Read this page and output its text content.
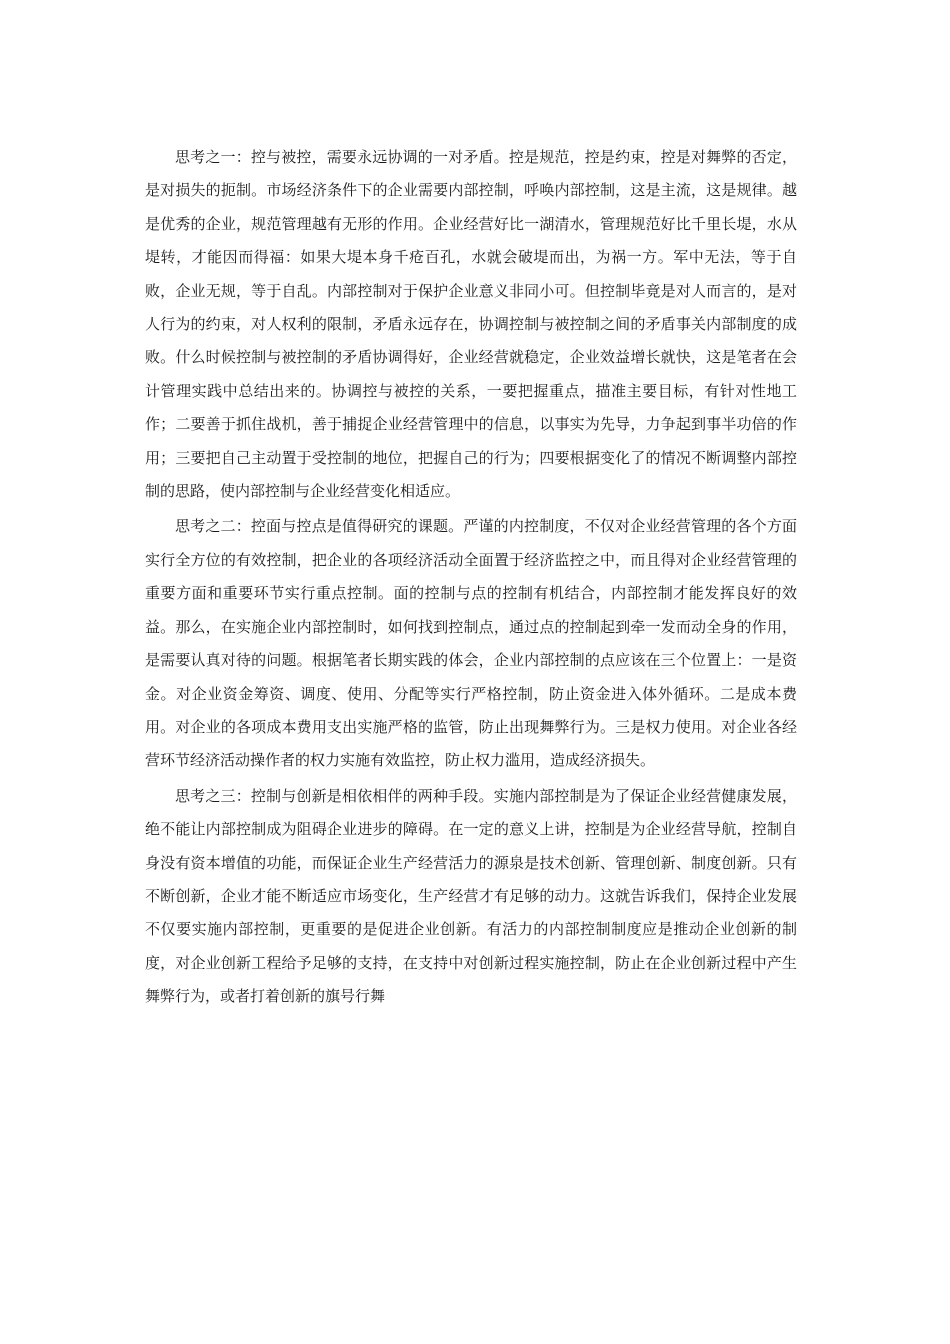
思考之一：控与被控，需要永远协调的一对矛盾。控是规范，控是约束，控是对舞弊的否定，是对损失的扼制。市场经济条件下的企业需要内部控制，呼唤内部控制，这是主流，这是规律。越是优秀的企业，规范管理越有无形的作用。企业经营好比一湖清水，管理规范好比千里长堤，水从堤转，才能因而得福：如果大堤本身千疮百孔，水就会破堤而出，为祸一方。军中无法，等于自败，企业无规，等于自乱。内部控制对于保护企业意义非同小可。但控制毕竟是对人而言的，是对人行为的约束，对人权利的限制，矛盾永远存在，协调控制与被控制之间的矛盾事关内部制度的成败。什么时候控制与被控制的矛盾协调得好，企业经营就稳定，企业效益增长就快，这是笔者在会计管理实践中总结出来的。协调控与被控的关系，一要把握重点，描准主要目标，有针对性地工作；二要善于抓住战机，善于捕捉企业经营管理中的信息，以事实为先导，力争起到事半功倍的作用；三要把自己主动置于受控制的地位，把握自己的行为；四要根据变化了的情况不断调整内部控制的思路，使内部控制与企业经营变化相适应。

思考之二：控面与控点是值得研究的课题。严谨的内控制度，不仅对企业经营管理的各个方面实行全方位的有效控制，把企业的各项经济活动全面置于经济监控之中，而且得对企业经营管理的重要方面和重要环节实行重点控制。面的控制与点的控制有机结合，内部控制才能发挥良好的效益。那么，在实施企业内部控制时，如何找到控制点，通过点的控制起到牵一发而动全身的作用，是需要认真对待的问题。根据笔者长期实践的体会，企业内部控制的点应该在三个位置上：一是资金。对企业资金筹资、调度、使用、分配等实行严格控制，防止资金进入体外循环。二是成本费用。对企业的各项成本费用支出实施严格的监管，防止出现舞弊行为。三是权力使用。对企业各经营环节经济活动操作者的权力实施有效监控，防止权力滥用，造成经济损失。

思考之三：控制与创新是相依相伴的两种手段。实施内部控制是为了保证企业经营健康发展，绝不能让内部控制成为阻碍企业进步的障碍。在一定的意义上讲，控制是为企业经营导航，控制自身没有资本增值的功能，而保证企业生产经营活力的源泉是技术创新、管理创新、制度创新。只有不断创新，企业才能不断适应市场变化，生产经营才有足够的动力。这就告诉我们，保持企业发展不仅要实施内部控制，更重要的是促进企业创新。有活力的内部控制制度应是推动企业创新的制度，对企业创新工程给予足够的支持，在支持中对创新过程实施控制，防止在企业创新过程中产生舞弊行为，或者打着创新的旗号行舞
